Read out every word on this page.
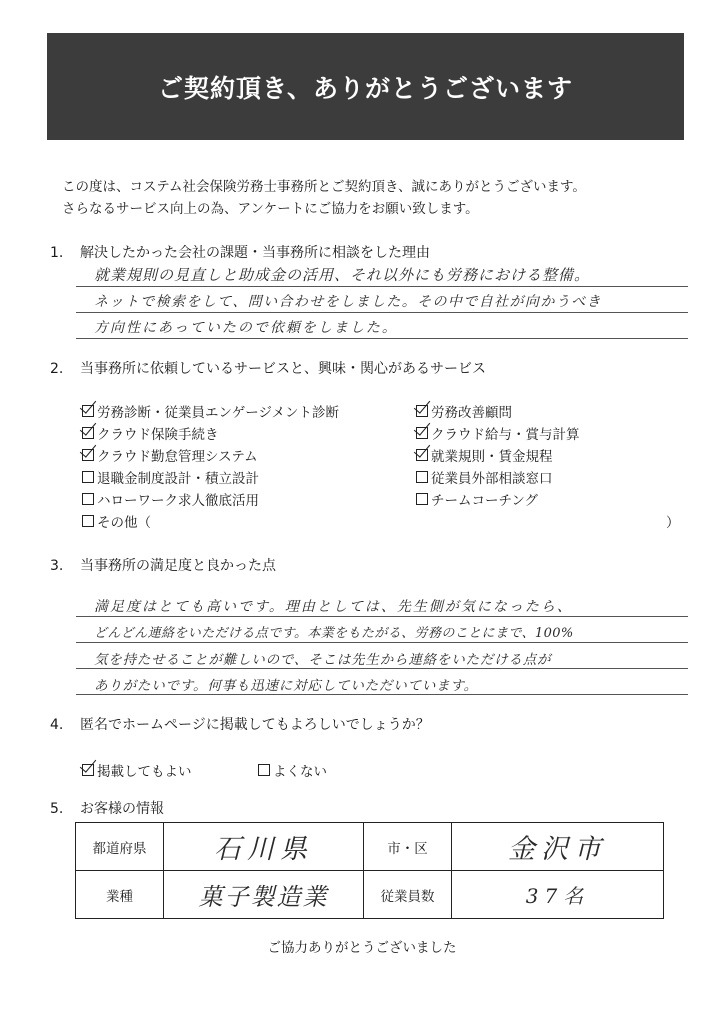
ご契約頂き、ありがとうございます
この度は、コステム社会保険労務士事務所とご契約頂き、誠にありがとうございます。
さらなるサービス向上の為、アンケートにご協力をお願い致します。
1. 解決したかった会社の課題・当事務所に相談をした理由
就業規則の見直しと助成金の活用、それ以外にも労務における整備。
ネットで検索をして、問い合わせをしました。その中で自社が向かうべき
方向性にあっていたので依頼をしました。
2. 当事務所に依頼しているサービスと、興味・関心があるサービス
労務診断・従業員エンゲージメント診断
クラウド保険手続き
クラウド勤怠管理システム
退職金制度設計・積立設計
ハローワーク求人徹底活用
その他（	）
労務改善顧問
クラウド給与・賞与計算
就業規則・賃金規程
従業員外部相談窓口
チームコーチング
3. 当事務所の満足度と良かった点
満足度はとても高いです。理由としては、先生側が気になったら、
どんどん連絡をいただける点です。本業をもたがる、労務のことにまで、100%
気を持たせることが難しいので、そこは先生から連絡をいただける点が
ありがたいです。何事も迅速に対応していただいています。
4. 匿名でホームページに掲載してもよろしいでしょうか？
掲載してもよい	よくない
5. お客様の情報
都道府県	石川県	市・区	金沢市
業種	菓子製造業	従業員数	37名
ご協力ありがとうございました
